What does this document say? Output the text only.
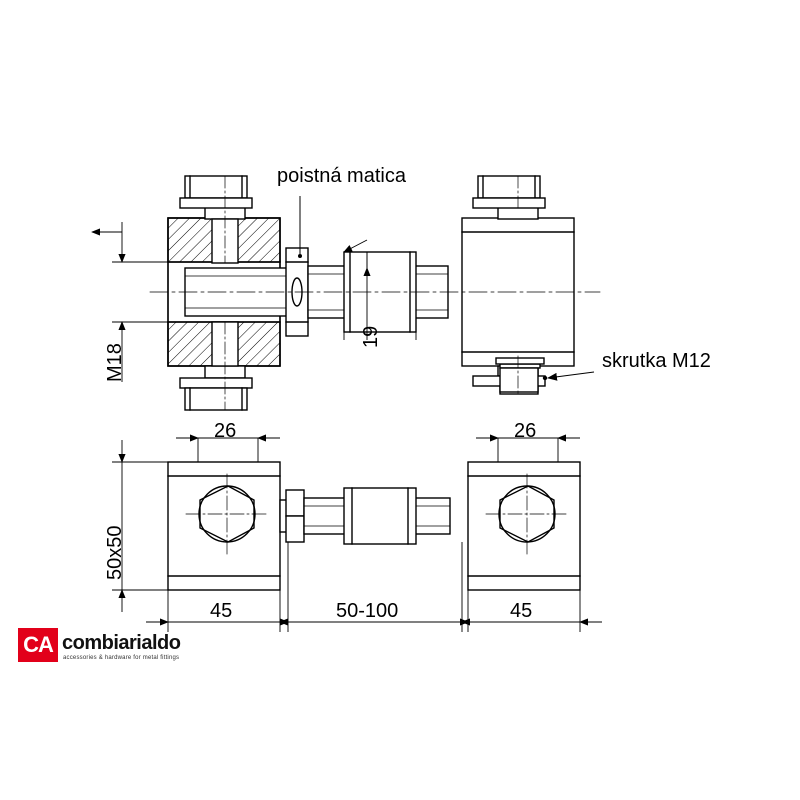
poistná matica
skrutka M12
M18
19
50x50
26	26
45	50-100	45
CA combiarialdo
accessories & hardware for metal fittings
